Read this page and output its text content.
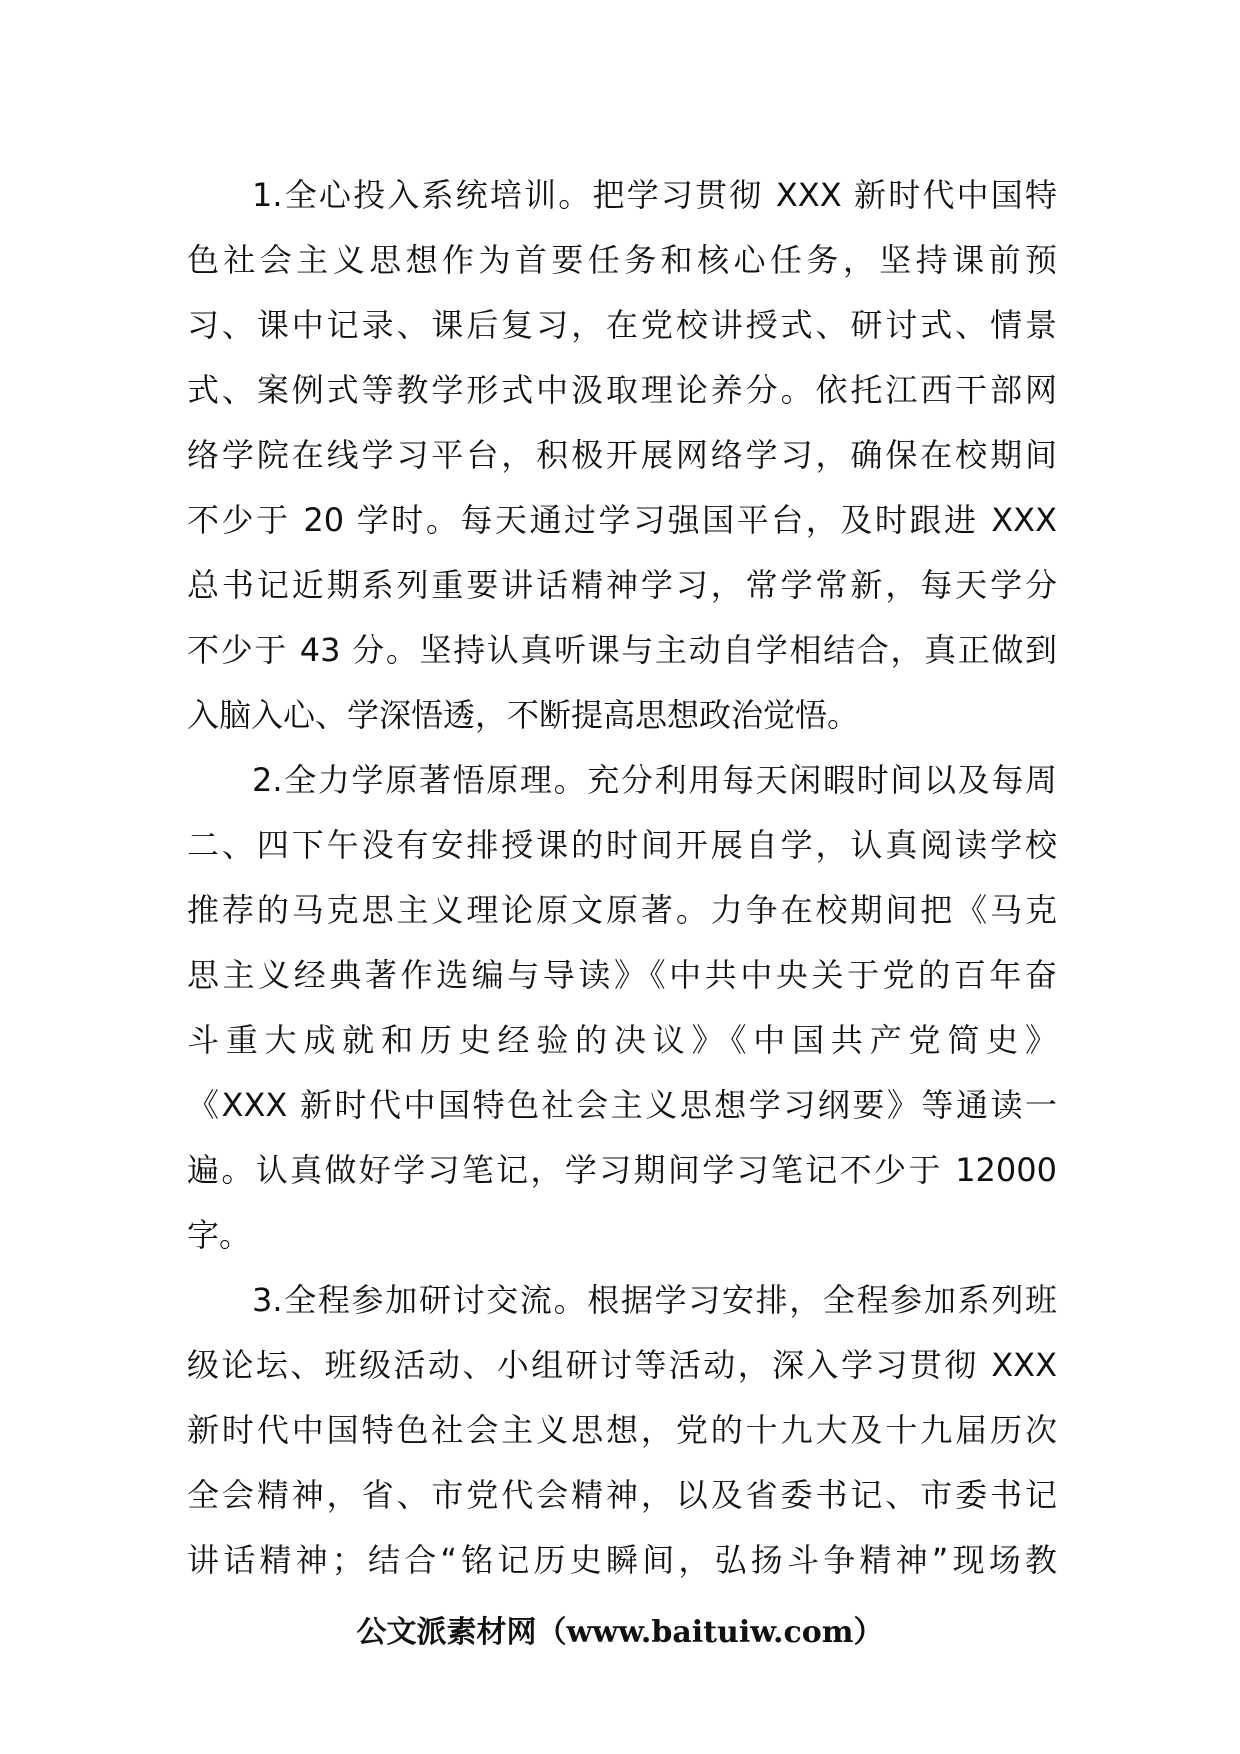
1.全心投入系统培训。把学习贯彻 XXX 新时代中国特
色社会主义思想作为首要任务和核心任务，坚持课前预
习、课中记录、课后复习，在党校讲授式、研讨式、情景
式、案例式等教学形式中汲取理论养分。依托江西干部网
络学院在线学习平台，积极开展网络学习，确保在校期间
不少于 20 学时。每天通过学习强国平台，及时跟进 XXX
总书记近期系列重要讲话精神学习，常学常新，每天学分
不少于 43 分。坚持认真听课与主动自学相结合，真正做到
入脑入心、学深悟透，不断提高思想政治觉悟。
2.全力学原著悟原理。充分利用每天闲暇时间以及每周
二、四下午没有安排授课的时间开展自学，认真阅读学校
推荐的马克思主义理论原文原著。力争在校期间把《马克
思主义经典著作选编与导读》《中共中央关于党的百年奋
斗重大成就和历史经验的决议》《中国共产党简史》
《XXX 新时代中国特色社会主义思想学习纲要》等通读一
遍。认真做好学习笔记，学习期间学习笔记不少于 12000
字。
3.全程参加研讨交流。根据学习安排，全程参加系列班
级论坛、班级活动、小组研讨等活动，深入学习贯彻 XXX
新时代中国特色社会主义思想，党的十九大及十九届历次
全会精神，省、市党代会精神，以及省委书记、市委书记
讲话精神；结合“铭记历史瞬间，弘扬斗争精神”现场教
公文派素材网（www.baituiw.com）
